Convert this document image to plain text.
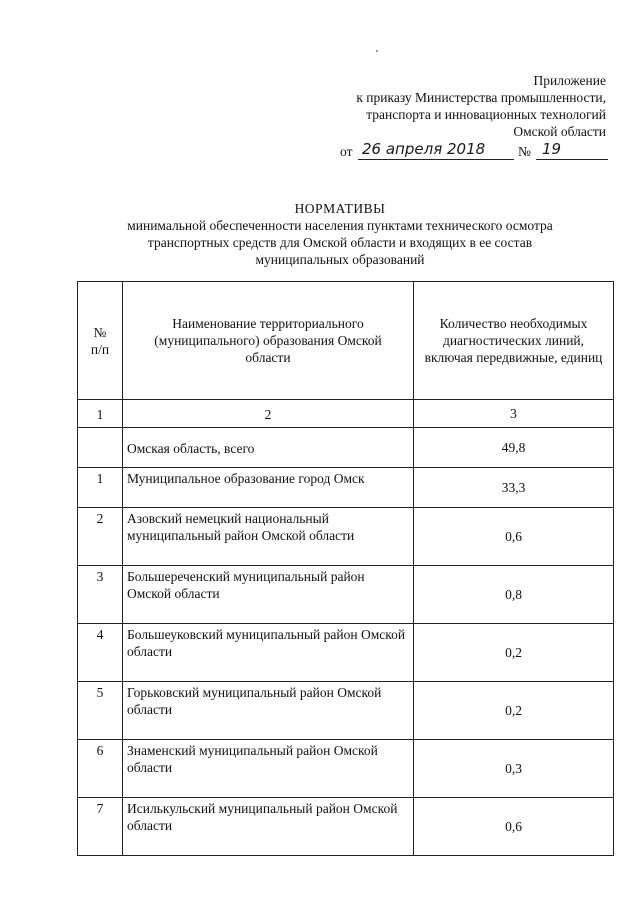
Приложение
к приказу Министерства промышленности,
транспорта и инновационных технологий
Омской области
от 26 апреля 2018 № 19
НОРМАТИВЫ
минимальной обеспеченности населения пунктами технического осмотра
транспортных средств для Омской области и входящих в ее состав
муниципальных образований
№
п/п	Наименование территориального (муниципального) образования Омской области	Количество необходимых диагностических линий, включая передвижные, единиц
1	2	3
	Омская область, всего	49,8
1	Муниципальное образование город Омск	33,3
2	Азовский немецкий национальный муниципальный район Омской области	0,6
3	Большереченский муниципальный район Омской области	0,8
4	Большеуковский муниципальный район Омской области	0,2
5	Горьковский муниципальный район Омской области	0,2
6	Знаменский муниципальный район Омской области	0,3
7	Исилькульский муниципальный район Омской области	0,6
